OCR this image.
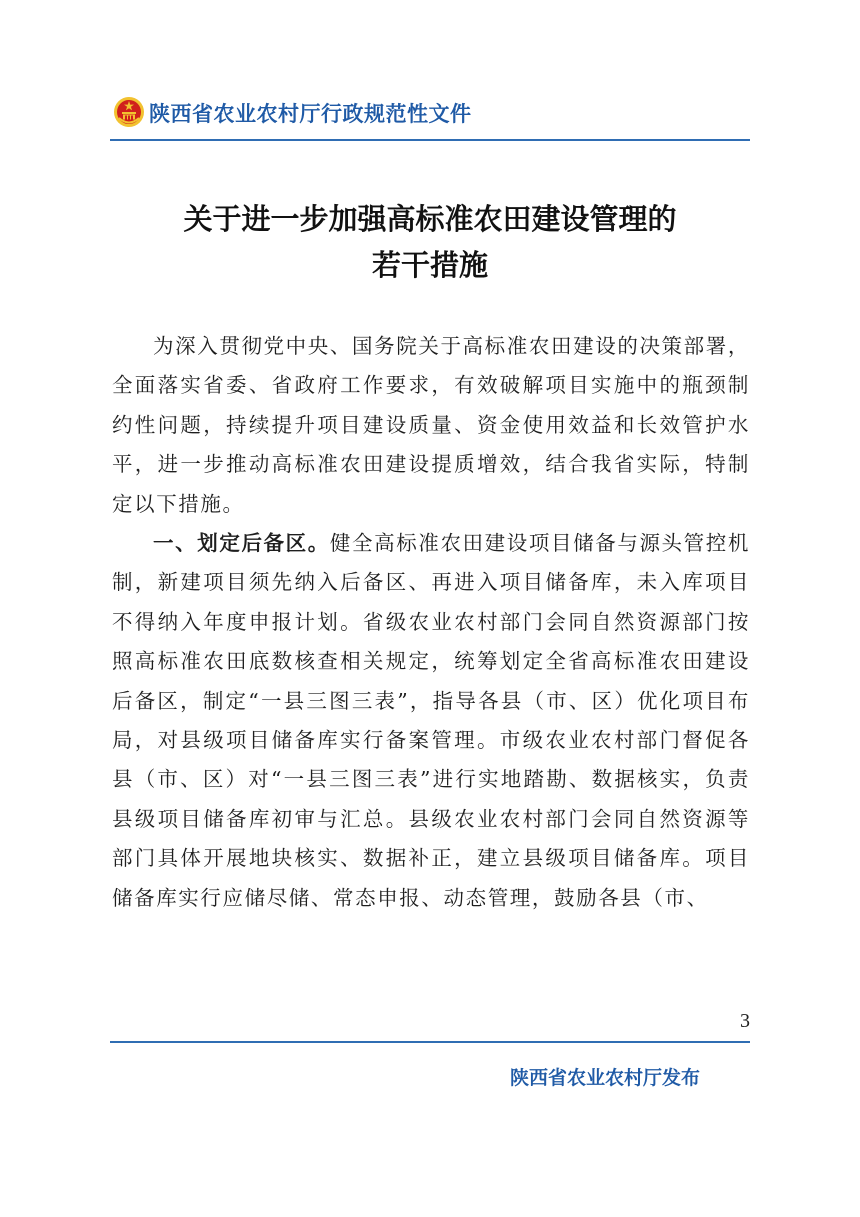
陕西省农业农村厅行政规范性文件
关于进一步加强高标准农田建设管理的
若干措施

为深入贯彻党中央、国务院关于高标准农田建设的决策部署，全面落实省委、省政府工作要求，有效破解项目实施中的瓶颈制约性问题，持续提升项目建设质量、资金使用效益和长效管护水平，进一步推动高标准农田建设提质增效，结合我省实际，特制定以下措施。

一、划定后备区。健全高标准农田建设项目储备与源头管控机制，新建项目须先纳入后备区、再进入项目储备库，未入库项目不得纳入年度申报计划。省级农业农村部门会同自然资源部门按照高标准农田底数核查相关规定，统筹划定全省高标准农田建设后备区，制定“一县三图三表”，指导各县（市、区）优化项目布局，对县级项目储备库实行备案管理。市级农业农村部门督促各县（市、区）对“一县三图三表”进行实地踏勘、数据核实，负责县级项目储备库初审与汇总。县级农业农村部门会同自然资源等部门具体开展地块核实、数据补正，建立县级项目储备库。项目储备库实行应储尽储、常态申报、动态管理，鼓励各县（市、

3
陕西省农业农村厅发布
